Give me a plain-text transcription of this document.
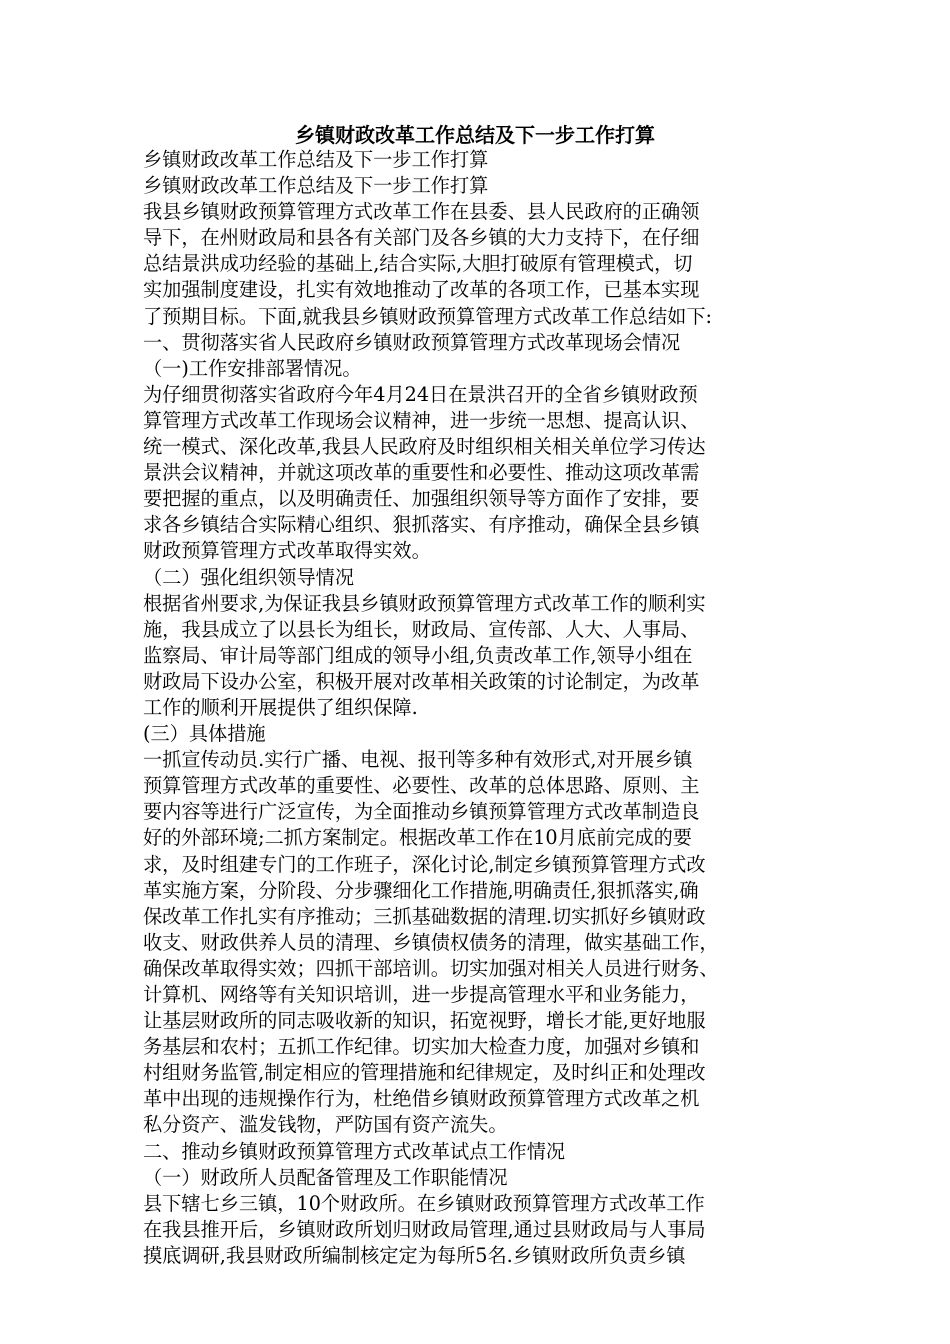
乡镇财政改革工作总结及下一步工作打算
乡镇财政改革工作总结及下一步工作打算
乡镇财政改革工作总结及下一步工作打算
我县乡镇财政预算管理方式改革工作在县委、县人民政府的正确领
导下，在州财政局和县各有关部门及各乡镇的大力支持下，在仔细
总结景洪成功经验的基础上,结合实际,大胆打破原有管理模式，切
实加强制度建设，扎实有效地推动了改革的各项工作，已基本实现
了预期目标。下面,就我县乡镇财政预算管理方式改革工作总结如下:
一、贯彻落实省人民政府乡镇财政预算管理方式改革现场会情况
（一)工作安排部署情况。
为仔细贯彻落实省政府今年4月24日在景洪召开的全省乡镇财政预
算管理方式改革工作现场会议精神，进一步统一思想、提高认识、
统一模式、深化改革,我县人民政府及时组织相关相关单位学习传达
景洪会议精神，并就这项改革的重要性和必要性、推动这项改革需
要把握的重点，以及明确责任、加强组织领导等方面作了安排，要
求各乡镇结合实际精心组织、狠抓落实、有序推动，确保全县乡镇
财政预算管理方式改革取得实效。
（二）强化组织领导情况
根据省州要求,为保证我县乡镇财政预算管理方式改革工作的顺利实
施，我县成立了以县长为组长，财政局、宣传部、人大、人事局、
监察局、审计局等部门组成的领导小组,负责改革工作,领导小组在
财政局下设办公室，积极开展对改革相关政策的讨论制定，为改革
工作的顺利开展提供了组织保障.
(三）具体措施
一抓宣传动员.实行广播、电视、报刊等多种有效形式,对开展乡镇
预算管理方式改革的重要性、必要性、改革的总体思路、原则、主
要内容等进行广泛宣传，为全面推动乡镇预算管理方式改革制造良
好的外部环境;二抓方案制定。根据改革工作在10月底前完成的要
求，及时组建专门的工作班子，深化讨论,制定乡镇预算管理方式改
革实施方案，分阶段、分步骤细化工作措施,明确责任,狠抓落实,确
保改革工作扎实有序推动；三抓基础数据的清理.切实抓好乡镇财政
收支、财政供养人员的清理、乡镇债权债务的清理，做实基础工作，
确保改革取得实效；四抓干部培训。切实加强对相关人员进行财务、
计算机、网络等有关知识培训，进一步提高管理水平和业务能力，
让基层财政所的同志吸收新的知识，拓宽视野，增长才能,更好地服
务基层和农村；五抓工作纪律。切实加大检查力度，加强对乡镇和
村组财务监管,制定相应的管理措施和纪律规定，及时纠正和处理改
革中出现的违规操作行为，杜绝借乡镇财政预算管理方式改革之机
私分资产、滥发钱物，严防国有资产流失。
二、推动乡镇财政预算管理方式改革试点工作情况
（一）财政所人员配备管理及工作职能情况
县下辖七乡三镇，10个财政所。在乡镇财政预算管理方式改革工作
在我县推开后，乡镇财政所划归财政局管理,通过县财政局与人事局
摸底调研,我县财政所编制核定定为每所5名.乡镇财政所负责乡镇
